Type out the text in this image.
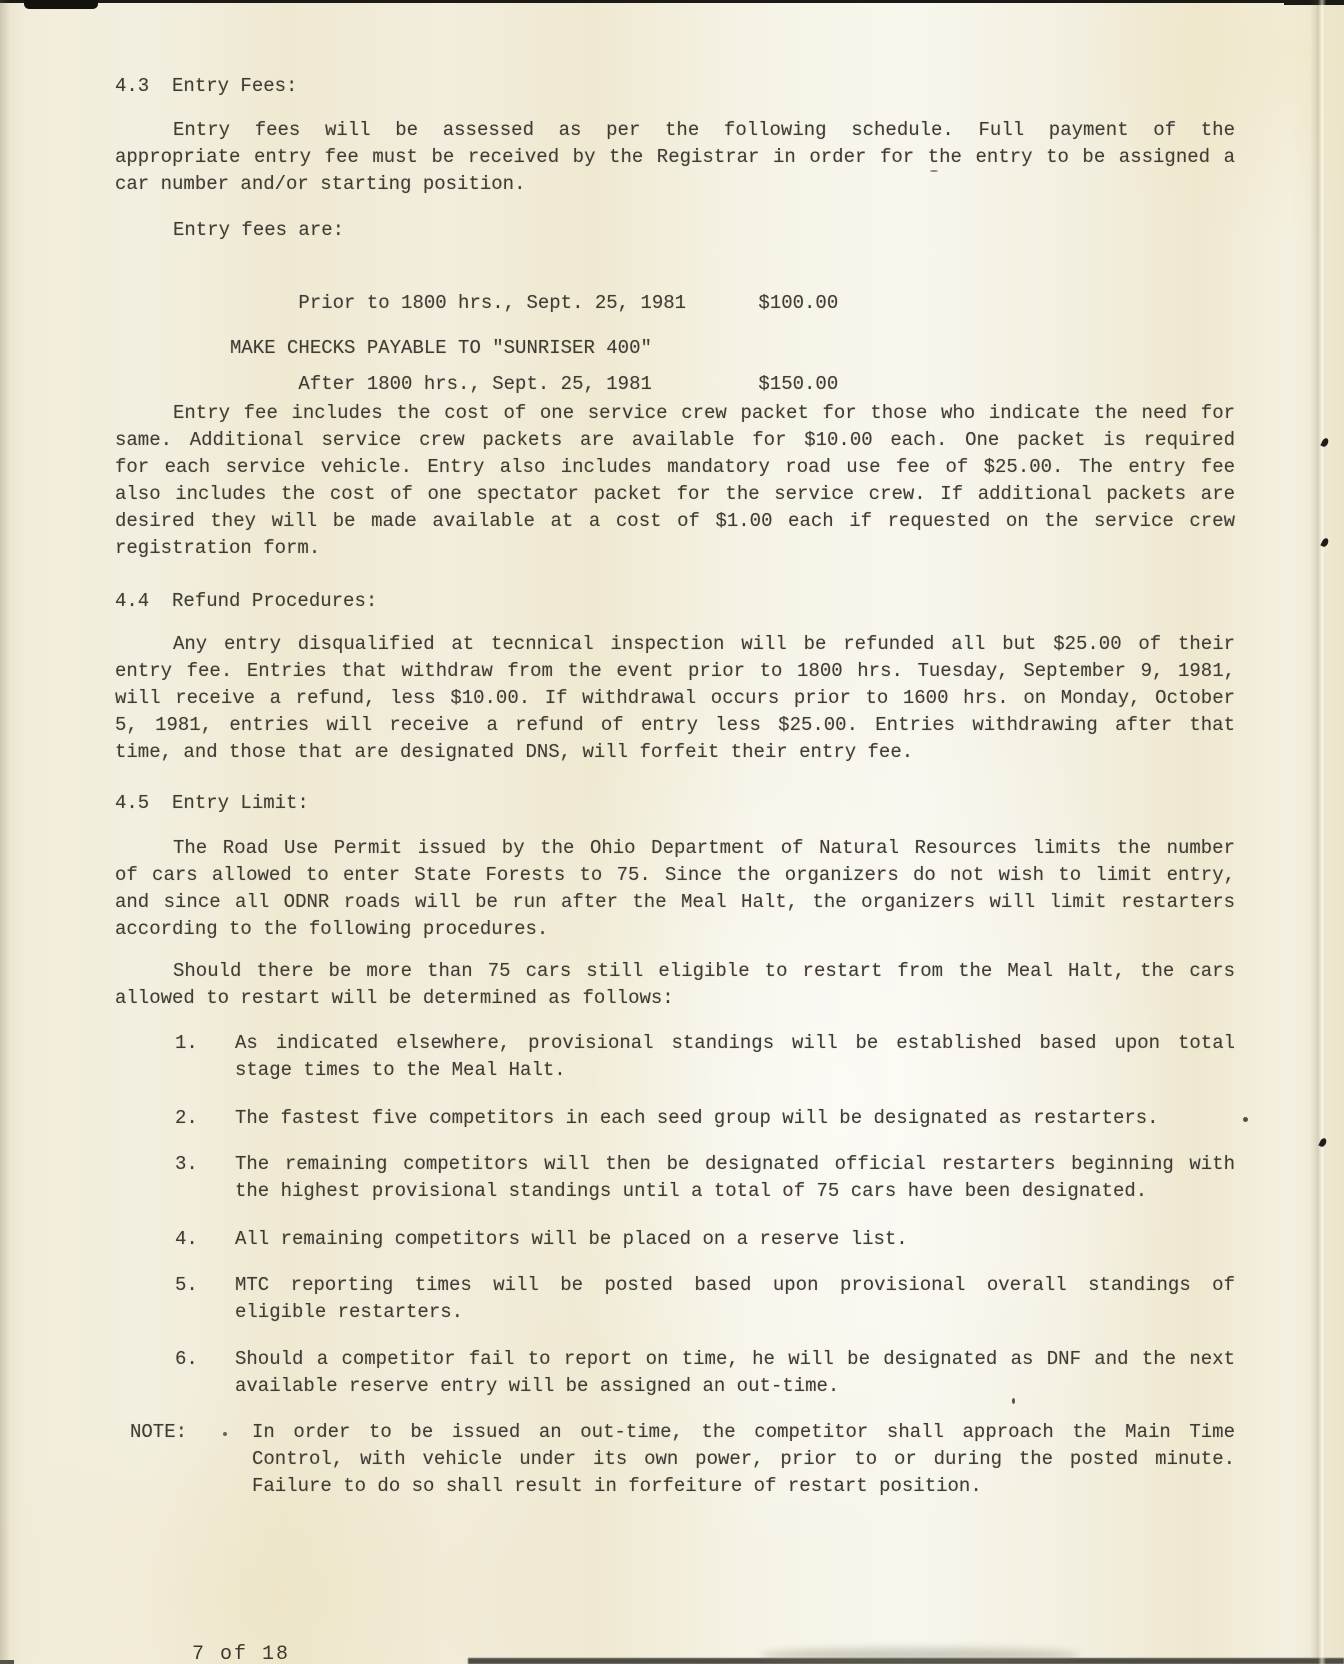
4.3  Entry Fees:
Entry fees will be assessed as per the following schedule. Full payment of the
appropriate entry fee must be received by the Registrar in order for the entry to be assigned a
car number and/or starting position.
Entry fees are:

Prior to 1800 hrs., Sept. 25, 1981	$100.00

After 1800 hrs., Sept. 25, 1981	$150.00

MAKE CHECKS PAYABLE TO "SUNRISER 400"
Entry fee includes the cost of one service crew packet for those who indicate the need for
same. Additional service crew packets are available for $10.00 each. One packet is required
for each service vehicle. Entry also includes mandatory road use fee of $25.00. The entry fee
also includes the cost of one spectator packet for the service crew. If additional packets are
desired they will be made available at a cost of $1.00 each if requested on the service crew
registration form.
4.4  Refund Procedures:
Any entry disqualified at tecnnical inspection will be refunded all but $25.00 of their
entry fee. Entries that withdraw from the event prior to 1800 hrs. Tuesday, September 9, 1981,
will receive a refund, less $10.00. If withdrawal occurs prior to 1600 hrs. on Monday, October
5, 1981, entries will receive a refund of entry less $25.00. Entries withdrawing after that
time, and those that are designated DNS, will forfeit their entry fee.
4.5  Entry Limit:
The Road Use Permit issued by the Ohio Department of Natural Resources limits the number
of cars allowed to enter State Forests to 75. Since the organizers do not wish to limit entry,
and since all ODNR roads will be run after the Meal Halt, the organizers will limit restarters
according to the following procedures.
Should there be more than 75 cars still eligible to restart from the Meal Halt, the cars
allowed to restart will be determined as follows:
1.	As indicated elsewhere, provisional standings will be established based upon total
stage times to the Meal Halt.
2.	The fastest five competitors in each seed group will be designated as restarters.
3.	The remaining competitors will then be designated official restarters beginning with
the highest provisional standings until a total of 75 cars have been designated.
4.	All remaining competitors will be placed on a reserve list.
5.	MTC reporting times will be posted based upon provisional overall standings of
eligible restarters.
6.	Should a competitor fail to report on time, he will be designated as DNF and the next
available reserve entry will be assigned an out-time.
NOTE:	In order to be issued an out-time, the competitor shall approach the Main Time
Control, with vehicle under its own power, prior to or during the posted minute.
Failure to do so shall result in forfeiture of restart position.
7 of 18
